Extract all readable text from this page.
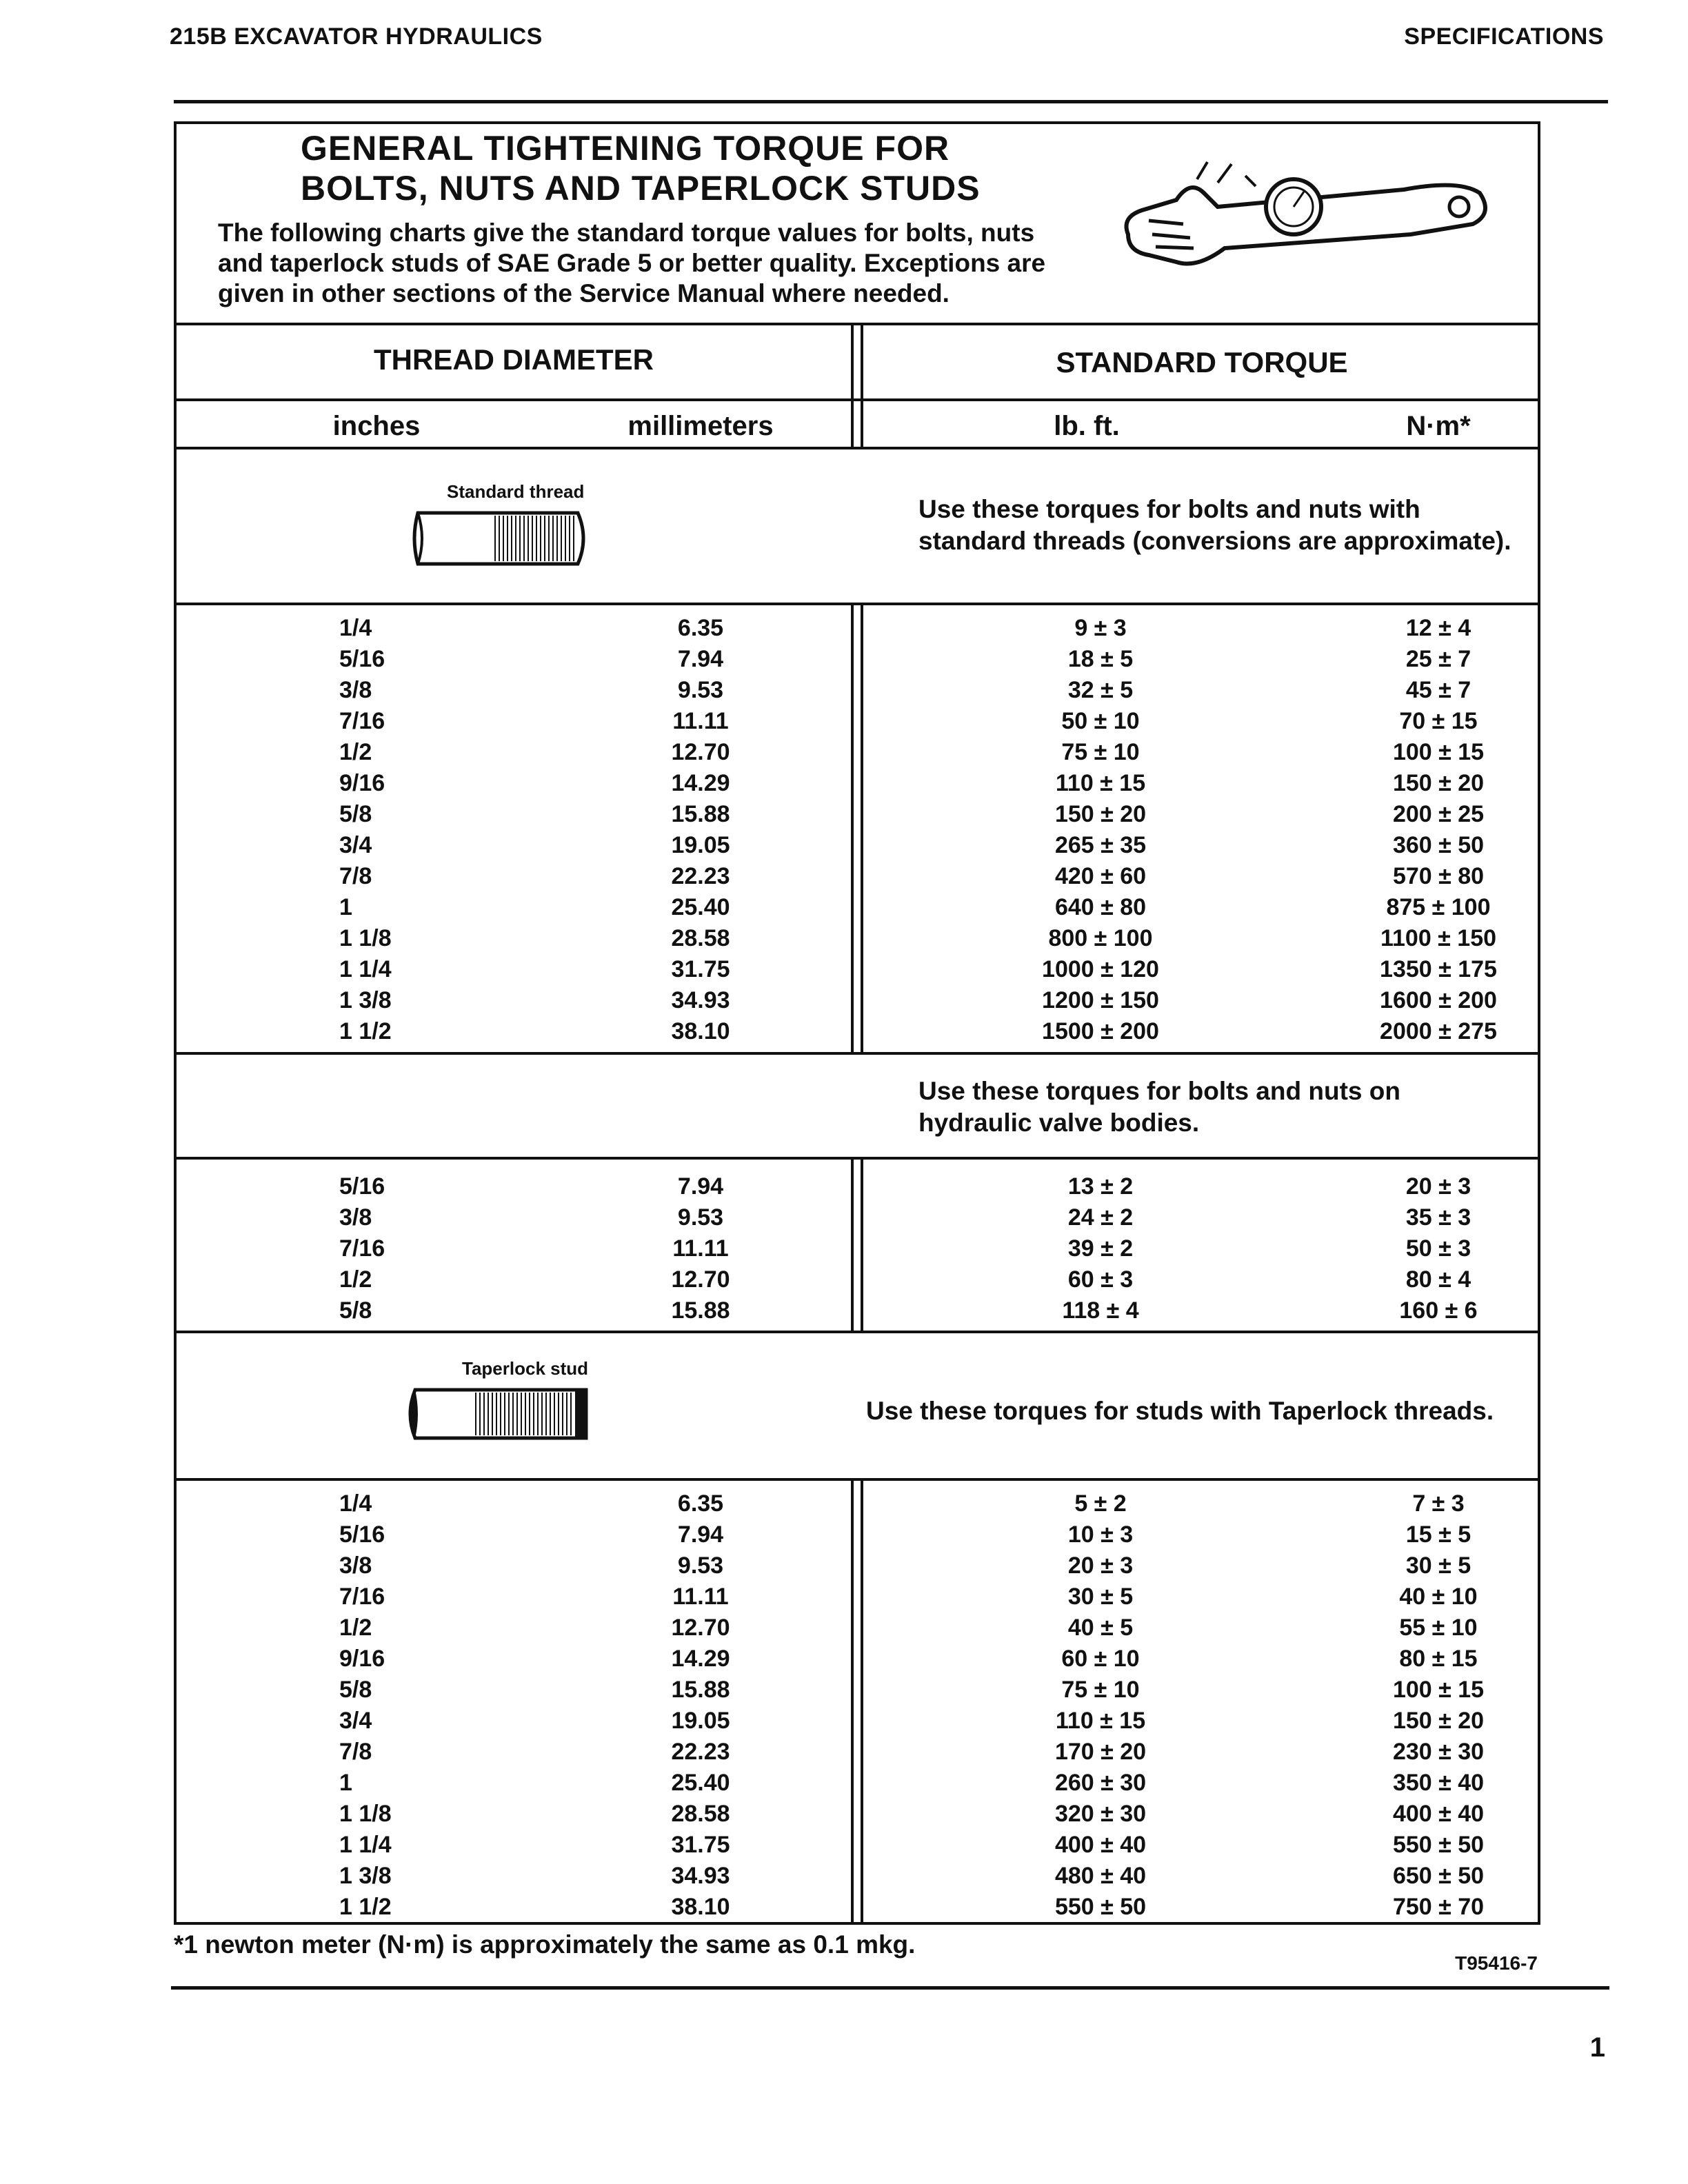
215B EXCAVATOR HYDRAULICS	SPECIFICATIONS
GENERAL TIGHTENING TORQUE FOR
BOLTS, NUTS AND TAPERLOCK STUDS
The following charts give the standard torque values for bolts, nuts and taperlock studs of SAE Grade 5 or better quality. Exceptions are given in other sections of the Service Manual where needed.
THREAD DIAMETER	STANDARD TORQUE
inches	millimeters	lb. ft.	N·m*
Standard thread
Use these torques for bolts and nuts with standard threads (conversions are approximate).
1/4	6.35	9 ± 3	12 ± 4
5/16	7.94	18 ± 5	25 ± 7
3/8	9.53	32 ± 5	45 ± 7
7/16	11.11	50 ± 10	70 ± 15
1/2	12.70	75 ± 10	100 ± 15
9/16	14.29	110 ± 15	150 ± 20
5/8	15.88	150 ± 20	200 ± 25
3/4	19.05	265 ± 35	360 ± 50
7/8	22.23	420 ± 60	570 ± 80
1	25.40	640 ± 80	875 ± 100
1 1/8	28.58	800 ± 100	1100 ± 150
1 1/4	31.75	1000 ± 120	1350 ± 175
1 3/8	34.93	1200 ± 150	1600 ± 200
1 1/2	38.10	1500 ± 200	2000 ± 275
Use these torques for bolts and nuts on hydraulic valve bodies.
5/16	7.94	13 ± 2	20 ± 3
3/8	9.53	24 ± 2	35 ± 3
7/16	11.11	39 ± 2	50 ± 3
1/2	12.70	60 ± 3	80 ± 4
5/8	15.88	118 ± 4	160 ± 6
Taperlock stud
Use these torques for studs with Taperlock threads.
1/4	6.35	5 ± 2	7 ± 3
5/16	7.94	10 ± 3	15 ± 5
3/8	9.53	20 ± 3	30 ± 5
7/16	11.11	30 ± 5	40 ± 10
1/2	12.70	40 ± 5	55 ± 10
9/16	14.29	60 ± 10	80 ± 15
5/8	15.88	75 ± 10	100 ± 15
3/4	19.05	110 ± 15	150 ± 20
7/8	22.23	170 ± 20	230 ± 30
1	25.40	260 ± 30	350 ± 40
1 1/8	28.58	320 ± 30	400 ± 40
1 1/4	31.75	400 ± 40	550 ± 50
1 3/8	34.93	480 ± 40	650 ± 50
1 1/2	38.10	550 ± 50	750 ± 70
*1 newton meter (N·m) is approximately the same as 0.1 mkg.
T95416-7
1
